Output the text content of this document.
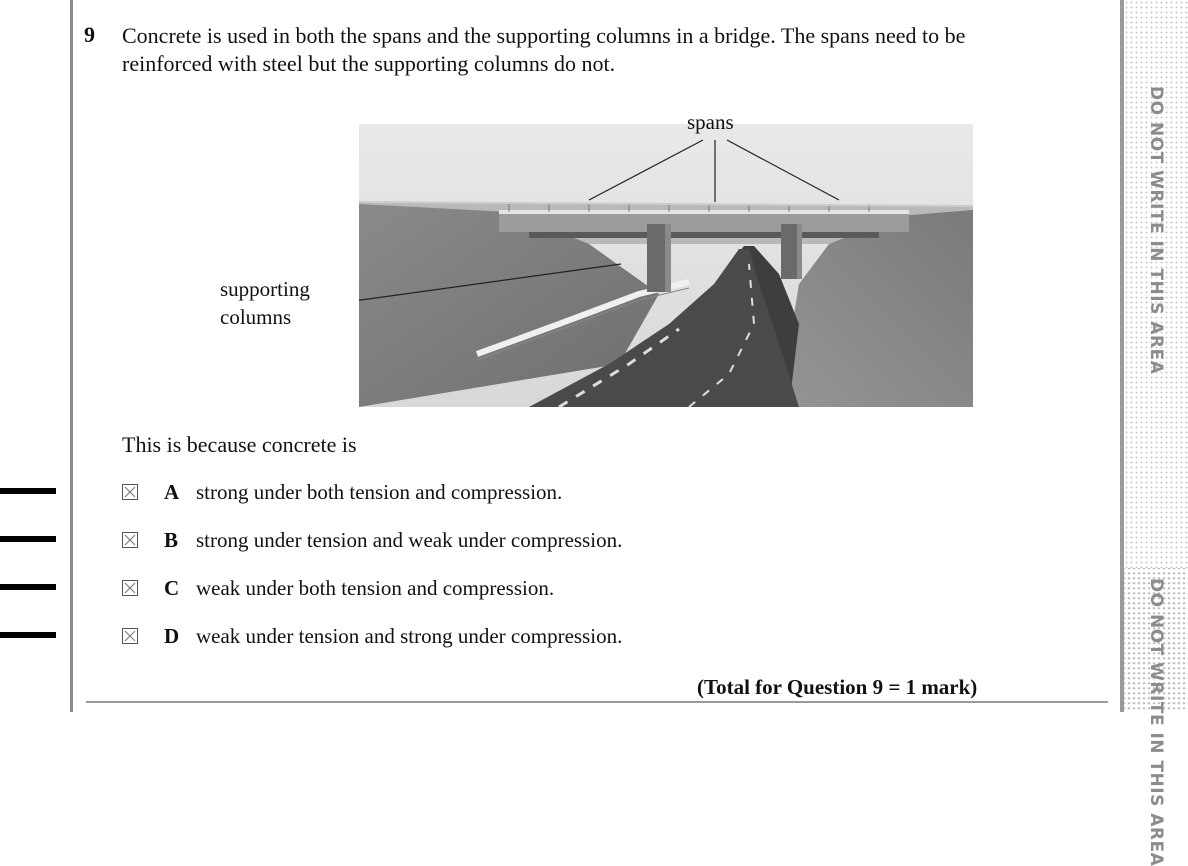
DO NOT WRITE IN THIS AREA
DO NOT WRITE IN THIS AREA
9 Concrete is used in both the spans and the supporting columns in a bridge. The spans need to be reinforced with steel but the supporting columns do not.

spans
supporting
columns
This is because concrete is
A strong under both tension and compression.
B strong under tension and weak under compression.
C weak under both tension and compression.
D weak under tension and strong under compression.
(Total for Question 9 = 1 mark)
